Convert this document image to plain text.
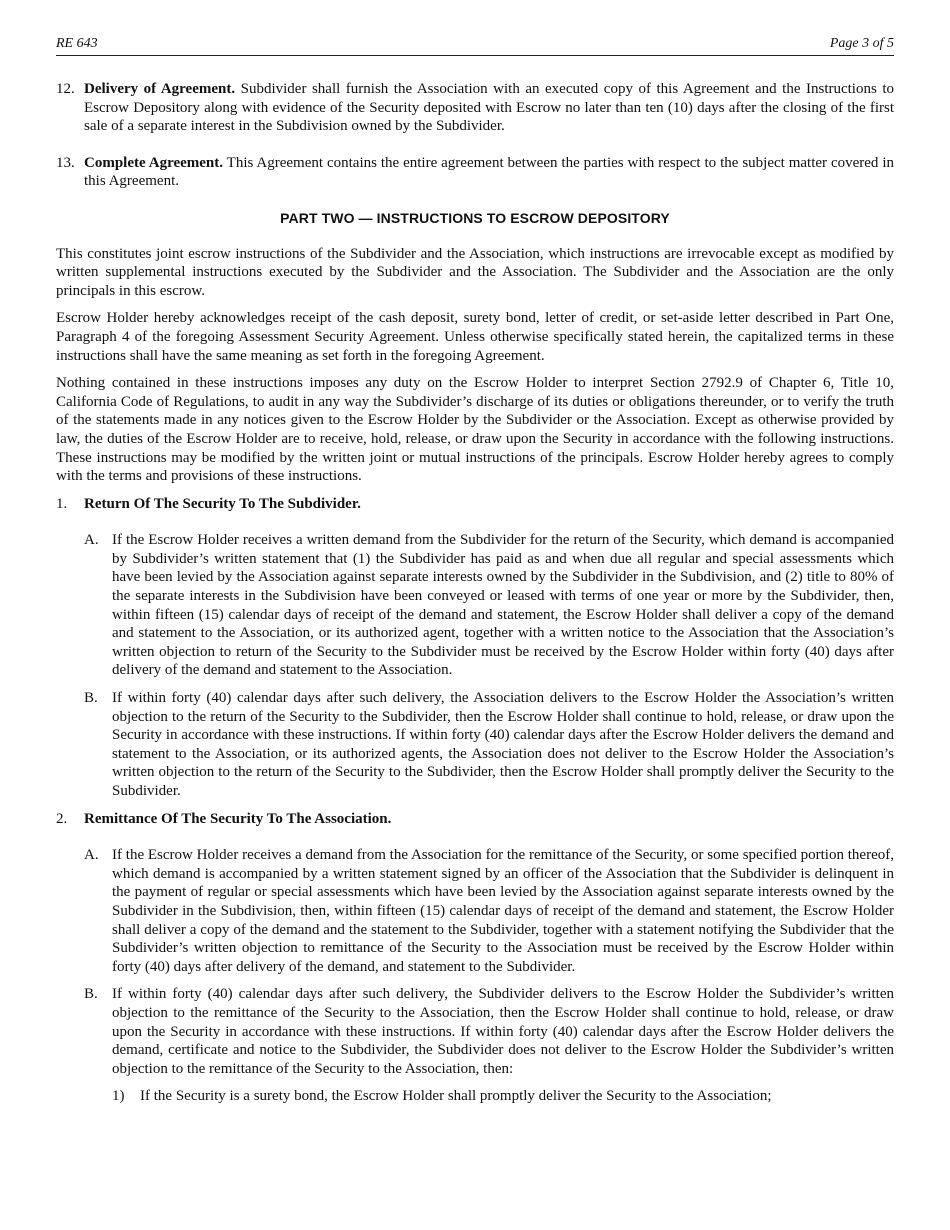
RE 643	Page 3 of 5
12. Delivery of Agreement. Subdivider shall furnish the Association with an executed copy of this Agreement and the Instructions to Escrow Depository along with evidence of the Security deposited with Escrow no later than ten (10) days after the closing of the first sale of a separate interest in the Subdivision owned by the Subdivider.
13. Complete Agreement. This Agreement contains the entire agreement between the parties with respect to the subject matter covered in this Agreement.
PART TWO — INSTRUCTIONS TO ESCROW DEPOSITORY

This constitutes joint escrow instructions of the Subdivider and the Association, which instructions are irrevocable except as modified by written supplemental instructions executed by the Subdivider and the Association. The Subdivider and the Association are the only principals in this escrow.

Escrow Holder hereby acknowledges receipt of the cash deposit, surety bond, letter of credit, or set-aside letter described in Part One, Paragraph 4 of the foregoing Assessment Security Agreement. Unless otherwise specifically stated herein, the capitalized terms in these instructions shall have the same meaning as set forth in the foregoing Agreement.

Nothing contained in these instructions imposes any duty on the Escrow Holder to interpret Section 2792.9 of Chapter 6, Title 10, California Code of Regulations, to audit in any way the Subdivider’s discharge of its duties or obligations thereunder, or to verify the truth of the statements made in any notices given to the Escrow Holder by the Subdivider or the Association. Except as otherwise provided by law, the duties of the Escrow Holder are to receive, hold, release, or draw upon the Security in accordance with the following instructions. These instructions may be modified by the written joint or mutual instructions of the principals. Escrow Holder hereby agrees to comply with the terms and provisions of these instructions.

1. Return Of The Security To The Subdivider.
A. If the Escrow Holder receives a written demand from the Subdivider for the return of the Security, which demand is accompanied by Subdivider’s written statement that (1) the Subdivider has paid as and when due all regular and special assessments which have been levied by the Association against separate interests owned by the Subdivider in the Subdivision, and (2) title to 80% of the separate interests in the Subdivision have been conveyed or leased with terms of one year or more by the Subdivider, then, within fifteen (15) calendar days of receipt of the demand and statement, the Escrow Holder shall deliver a copy of the demand and statement to the Association, or its authorized agent, together with a written notice to the Association that the Association’s written objection to return of the Security to the Subdivider must be received by the Escrow Holder within forty (40) days after delivery of the demand and statement to the Association.
B. If within forty (40) calendar days after such delivery, the Association delivers to the Escrow Holder the Association’s written objection to the return of the Security to the Subdivider, then the Escrow Holder shall continue to hold, release, or draw upon the Security in accordance with these instructions. If within forty (40) calendar days after the Escrow Holder delivers the demand and statement to the Association, or its authorized agents, the Association does not deliver to the Escrow Holder the Association’s written objection to the return of the Security to the Subdivider, then the Escrow Holder shall promptly deliver the Security to the Subdivider.
2. Remittance Of The Security To The Association.
A. If the Escrow Holder receives a demand from the Association for the remittance of the Security, or some specified portion thereof, which demand is accompanied by a written statement signed by an officer of the Association that the Subdivider is delinquent in the payment of regular or special assessments which have been levied by the Association against separate interests owned by the Subdivider in the Subdivision, then, within fifteen (15) calendar days of receipt of the demand and statement, the Escrow Holder shall deliver a copy of the demand and the statement to the Subdivider, together with a statement notifying the Subdivider that the Subdivider’s written objection to remittance of the Security to the Association must be received by the Escrow Holder within forty (40) days after delivery of the demand, and statement to the Subdivider.
B. If within forty (40) calendar days after such delivery, the Subdivider delivers to the Escrow Holder the Subdivider’s written objection to the remittance of the Security to the Association, then the Escrow Holder shall continue to hold, release, or draw upon the Security in accordance with these instructions. If within forty (40) calendar days after the Escrow Holder delivers the demand, certificate and notice to the Subdivider, the Subdivider does not deliver to the Escrow Holder the Subdivider’s written objection to the remittance of the Security to the Association, then:
1) If the Security is a surety bond, the Escrow Holder shall promptly deliver the Security to the Association;
